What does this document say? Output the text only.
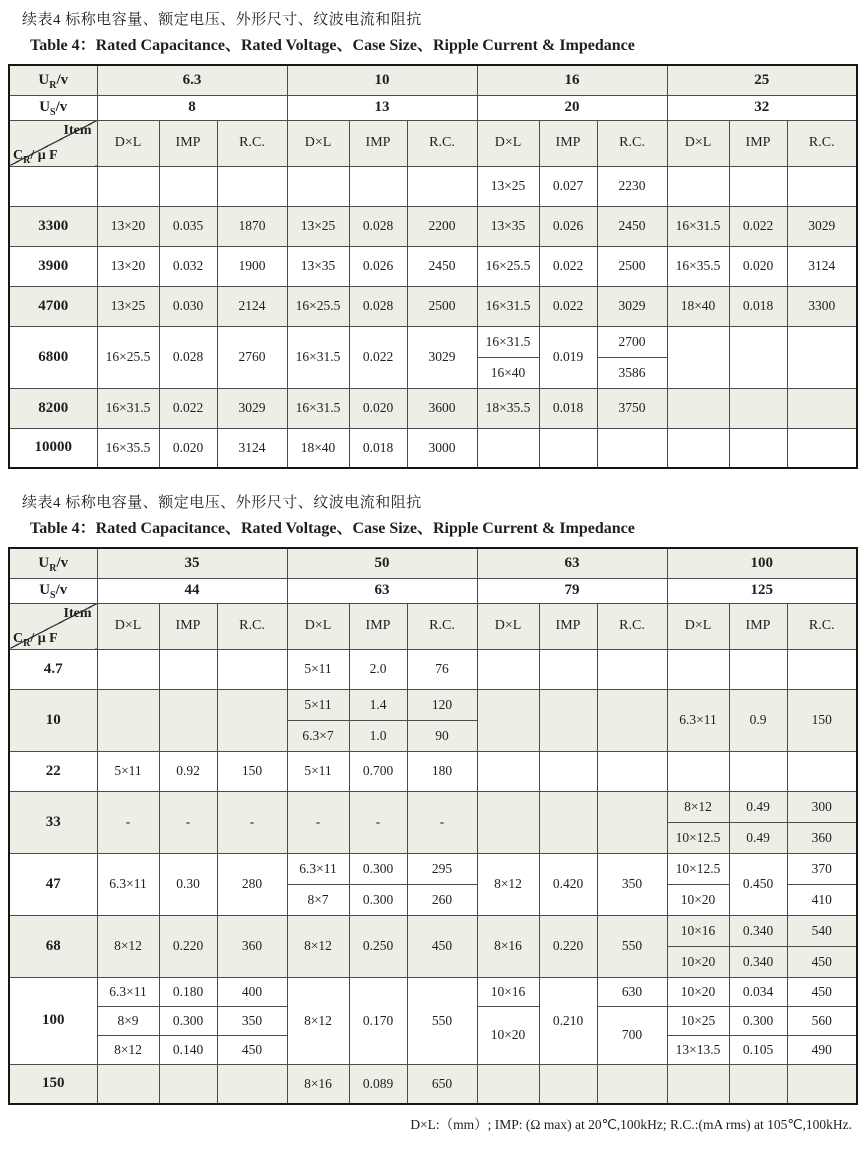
续表4 标称电容量、额定电压、外形尺寸、纹波电流和阻抗
Table 4：Rated Capacitance、Rated Voltage、Case Size、Ripple Current & Impedance
$U_R/v$	6.3			10			16			25		
$U_S/v$	8			13			20			32		

Item
$C_R/$ μ F	D×L	IMP	R.C.	D×L	IMP	R.C.	D×L	IMP	R.C.	D×L	IMP	R.C.
							13×25	0.027	2230			
3300	13×20	0.035	1870	13×25	0.028	2200	13×35	0.026	2450	16×31.5	0.022	3029
3900	13×20	0.032	1900	13×35	0.026	2450	16×25.5	0.022	2500	16×35.5	0.020	3124
4700	13×25	0.030	2124	16×25.5	0.028	2500	16×31.5	0.022	3029	18×40	0.018	3300
6800	16×25.5	0.028	2760	16×31.5	0.022	3029	16×31.5	0.019	2700			
							16×40		3586			
8200	16×31.5	0.022	3029	16×31.5	0.020	3600	18×35.5	0.018	3750			
10000	16×35.5	0.020	3124	18×40	0.018	3000						
续表4 标称电容量、额定电压、外形尺寸、纹波电流和阻抗
Table 4：Rated Capacitance、Rated Voltage、Case Size、Ripple Current & Impedance
$U_R/v$	35			50			63			100		
$U_S/v$	44			63			79			125		

Item
$C_R/$ μ F	D×L	IMP	R.C.	D×L	IMP	R.C.	D×L	IMP	R.C.	D×L	IMP	R.C.
4.7				5×11	2.0	76						
10				5×11	1.4	120				6.3×11	0.9	150
				6.3×7	1.0	90						
22	5×11	0.92	150	5×11	0.700	180						
33	-	-	-	-	-	-				8×12	0.49	300
										10×12.5	0.49	360
47	6.3×11	0.30	280	6.3×11	0.300	295	8×12	0.420	350	10×12.5	0.450	370
				8×7	0.300	260				10×20		410
68	8×12	0.220	360	8×12	0.250	450	8×16	0.220	550	10×16	0.340	540
										10×20	0.340	450
100	6.3×11	0.180	400	8×12	0.170	550	10×16	0.210	630	10×20	0.034	450
	8×9	0.300	350				10×20		700	10×25	0.300	560
	8×12	0.140	450							13×13.5	0.105	490
150				8×16	0.089	650						
D×L:（mm）; IMP: (Ω max) at 20℃,100kHz; R.C.:(mA rms) at 105℃,100kHz.
